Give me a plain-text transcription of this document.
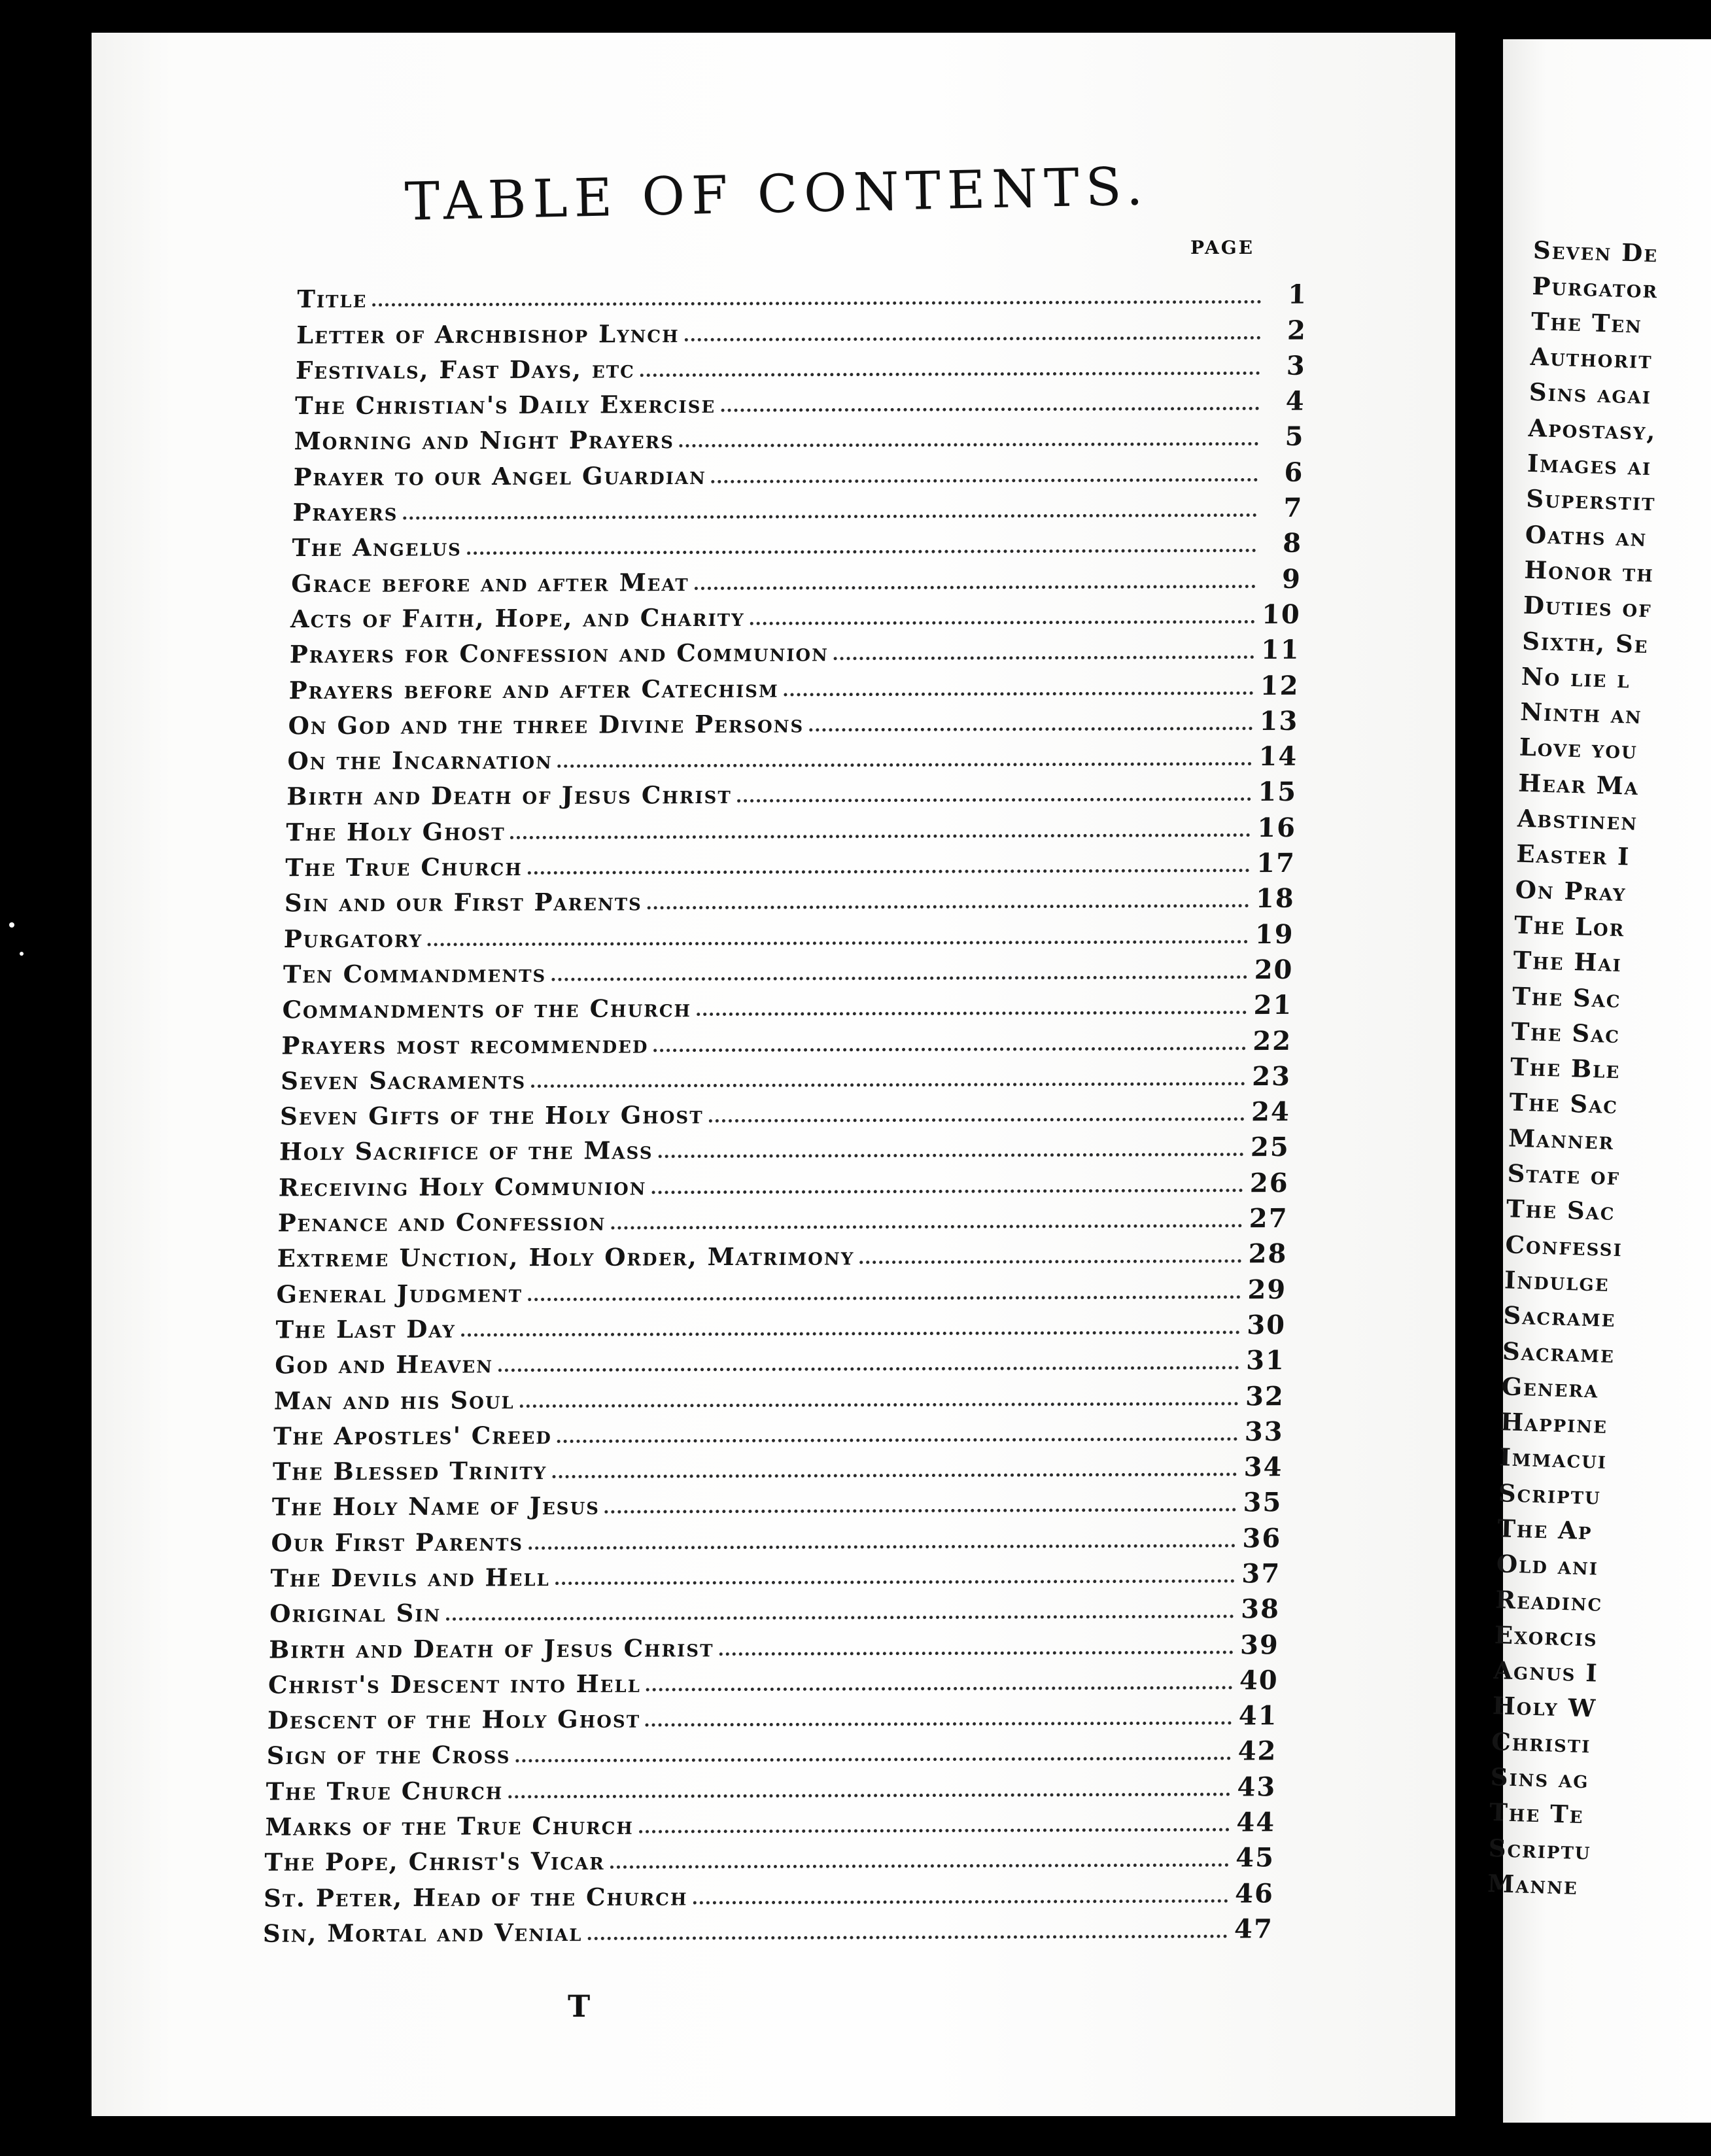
TABLE OF CONTENTS.
PAGE
Title	1
Letter of Archbishop Lynch	2
Festivals, Fast Days, etc	3
The Christian's Daily Exercise	4
Morning and Night Prayers	5
Prayer to our Angel Guardian	6
Prayers	7
The Angelus	8
Grace before and after Meat	9
Acts of Faith, Hope, and Charity	10
Prayers for Confession and Communion	11
Prayers before and after Catechism	12
On God and the three Divine Persons	13
On the Incarnation	14
Birth and Death of Jesus Christ	15
The Holy Ghost	16
The True Church	17
Sin and our First Parents	18
Purgatory	19
Ten Commandments	20
Commandments of the Church	21
Prayers most recommended	22
Seven Sacraments	23
Seven Gifts of the Holy Ghost	24
Holy Sacrifice of the Mass	25
Receiving Holy Communion	26
Penance and Confession	27
Extreme Unction, Holy Order, Matrimony	28
General Judgment	29
The Last Day	30
God and Heaven	31
Man and his Soul	32
The Apostles' Creed	33
The Blessed Trinity	34
The Holy Name of Jesus	35
Our First Parents	36
The Devils and Hell	37
Original Sin	38
Birth and Death of Jesus Christ	39
Christ's Descent into Hell	40
Descent of the Holy Ghost	41
Sign of the Cross	42
The True Church	43
Marks of the True Church	44
The Pope, Christ's Vicar	45
St. Peter, Head of the Church	46
Sin, Mortal and Venial	47
T
Seven De
Purgator
The Ten
Authorit
Sins agai
Apostasy,
Images ai
Superstit
Oaths an
Honor th
Duties of
Sixth, Se
No lie l
Ninth an
Love you
Hear Ma
Abstinen
Easter I
On Pray
The Lor
The Hai
The Sac
The Sac
The Ble
The Sac
Manner
State of
The Sac
Confessi
Indulge
Sacrame
Sacrame
Genera
Happine
Immacui
Scriptu
The Ap
Old ani
Readinc
Exorcis
Agnus I
Holy W
Christi
Sins ag
The Te
Scriptu
Manne
